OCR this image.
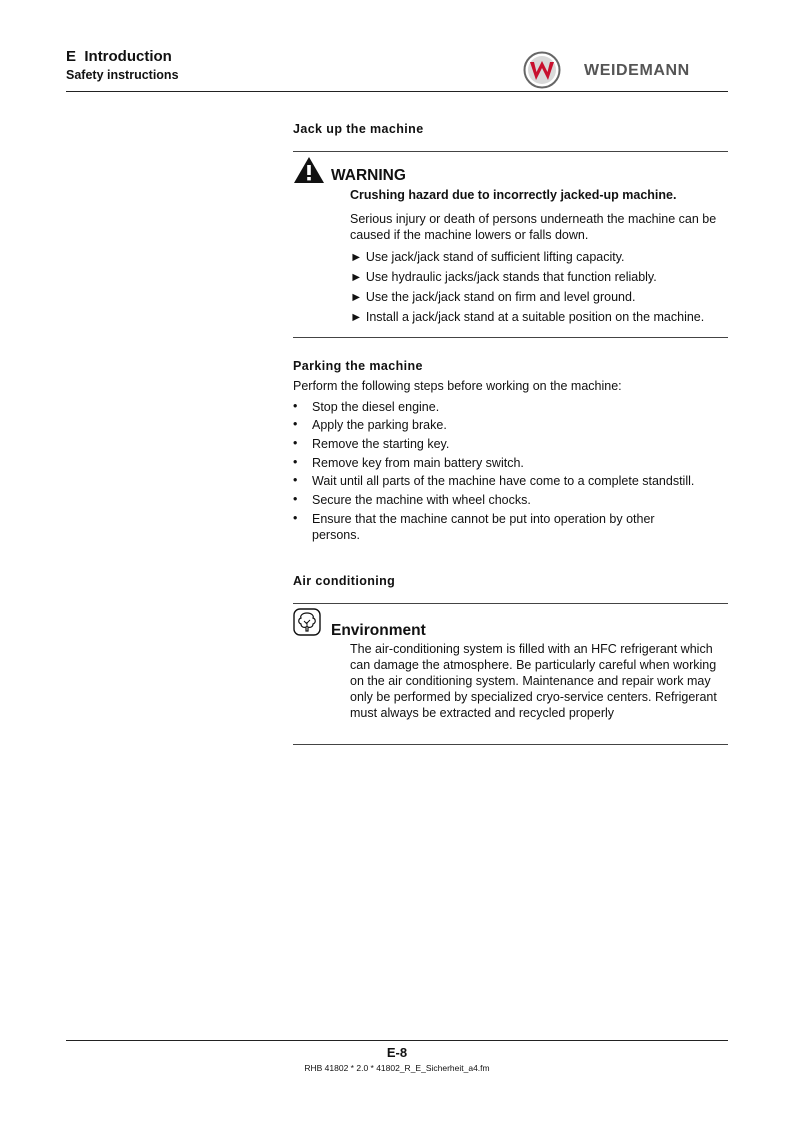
E Introduction
Safety instructions	WEIDEMANN
Jack up the machine
WARNING
Crushing hazard due to incorrectly jacked-up machine.
Serious injury or death of persons underneath the machine can be caused if the machine lowers or falls down.
► Use jack/jack stand of sufficient lifting capacity.
► Use hydraulic jacks/jack stands that function reliably.
► Use the jack/jack stand on firm and level ground.
► Install a jack/jack stand at a suitable position on the machine.
Parking the machine
Perform the following steps before working on the machine:
• Stop the diesel engine.
• Apply the parking brake.
• Remove the starting key.
• Remove key from main battery switch.
• Wait until all parts of the machine have come to a complete standstill.
• Secure the machine with wheel chocks.
• Ensure that the machine cannot be put into operation by other persons.
Air conditioning
Environment
The air-conditioning system is filled with an HFC refrigerant which can damage the atmosphere. Be particularly careful when working on the air conditioning system. Maintenance and repair work may only be performed by specialized cryo-service centers. Refrigerant must always be extracted and recycled properly
E-8
RHB 41802 * 2.0 * 41802_R_E_Sicherheit_a4.fm
